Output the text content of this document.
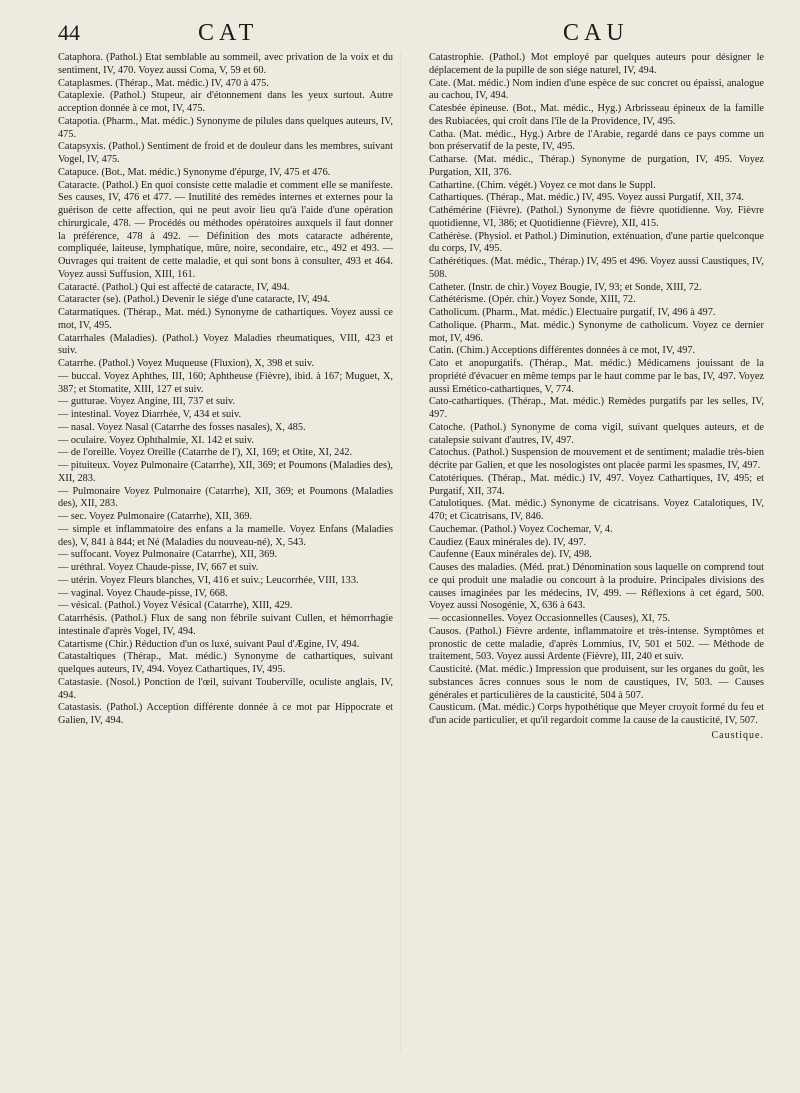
44	CAT	CAU

Cataphora. (Pathol.) Etat semblable au sommeil, avec privation de la voix et du sentiment, IV, 470. Voyez aussi Coma, V, 59 et 60.

Cataplasmes. (Thérap., Mat. médic.) IV, 470 à 475.

Cataplexie. (Pathol.) Stupeur, air d'étonnement dans les yeux surtout. Autre acception donnée à ce mot, IV, 475.

Catapotia. (Pharm., Mat. médic.) Synonyme de pilules dans quelques auteurs, IV, 475.

Catapsyxis. (Pathol.) Sentiment de froid et de douleur dans les membres, suivant Vogel, IV, 475.

Catapuce. (Bot., Mat. médic.) Synonyme d'épurge, IV, 475 et 476.

Cataracte. (Pathol.) En quoi consiste cette maladie et comment elle se manifeste. Ses causes, IV, 476 et 477. — Inutilité des remèdes internes et externes pour la guérison de cette affection, qui ne peut avoir lieu qu'à l'aide d'une opération chirurgicale, 478. — Procédés ou méthodes opératoires auxquels il faut donner la préférence, 478 à 492. — Définition des mots cataracte adhérente, compliquée, laiteuse, lymphatique, mûre, noire, secondaire, etc., 492 et 493. — Ouvrages qui traitent de cette maladie, et qui sont bons à consulter, 493 et 464. Voyez aussi Suffusion, XIII, 161.

Cataracté. (Pathol.) Qui est affecté de cataracte, IV, 494.

Cataracter (se). (Pathol.) Devenir le siége d'une cataracte, IV, 494.

Catarmatiques. (Thérap., Mat. méd.) Synonyme de cathartiques. Voyez aussi ce mot, IV, 495.

Catarrhales (Maladies). (Pathol.) Voyez Maladies rheumatiques, VIII, 423 et suiv.

Catarrhe. (Pathol.) Voyez Muqueuse (Fluxion), X, 398 et suiv.

— buccal. Voyez Aphthes, III, 160; Aphtheuse (Fièvre), ibid. à 167; Muguet, X, 387; et Stomatite, XIII, 127 et suiv.

— gutturae. Voyez Angine, III, 737 et suiv.

— intestinal. Voyez Diarrhée, V, 434 et suiv.

— nasal. Voyez Nasal (Catarrhe des fosses nasales), X, 485.

— oculaire. Voyez Ophthalmie, XI. 142 et suiv.

— de l'oreille. Voyez Oreille (Catarrhe de l'), XI, 169; et Otite, XI, 242.

— pituiteux. Voyez Pulmonaire (Catarrhe), XII, 369; et Poumons (Maladies des), XII, 283.

— Pulmonaire Voyez Pulmonaire (Catarrhe), XII, 369; et Poumons (Maladies des), XII, 283.

— sec. Voyez Pulmonaire (Catarrhe), XII, 369.

— simple et inflammatoire des enfans a la mamelle. Voyez Enfans (Maladies des), V, 841 à 844; et Né (Maladies du nouveau-né), X, 543.

— suffocant. Voyez Pulmonaire (Catarrhe), XII, 369.

— uréthral. Voyez Chaude-pisse, IV, 667 et suiv.

— utérin. Voyez Fleurs blanches, VI, 416 et suiv.; Leucorrhée, VIII, 133.

— vaginal. Voyez Chaude-pisse, IV, 668.

— vésical. (Pathol.) Voyez Vésical (Catarrhe), XIII, 429.

Catarrhésis. (Pathol.) Flux de sang non fébrile suivant Cullen, et hémorrhagie intestinale d'après Vogel, IV, 494.

Catartisme (Chir.) Réduction d'un os luxé, suivant Paul d'Ægine, IV, 494.

Catastaltiques (Thérap., Mat. médic.) Synonyme de cathartiques, suivant quelques auteurs, IV, 494. Voyez Cathartiques, IV, 495.

Catastasie. (Nosol.) Ponction de l'œil, suivant Touberville, oculiste anglais, IV, 494.

Catastasis. (Pathol.) Acception différente donnée à ce mot par Hippocrate et Galien, IV, 494.

Catastrophie. (Pathol.) Mot employé par quelques auteurs pour désigner le déplacement de la pupille de son siége naturel, IV, 494.

Cate. (Mat. médic.) Nom indien d'une espèce de suc concret ou épaissi, analogue au cachou, IV, 494.

Catesbée épineuse. (Bot., Mat. médic., Hyg.) Arbrisseau épineux de la famille des Rubiacées, qui croît dans l'île de la Providence, IV, 495.

Catha. (Mat. médic., Hyg.) Arbre de l'Arabie, regardé dans ce pays comme un bon préservatif de la peste, IV, 495.

Catharse. (Mat. médic., Thérap.) Synonyme de purgation, IV, 495. Voyez Purgation, XII, 376.

Cathartine. (Chim. végét.) Voyez ce mot dans le Suppl.

Cathartiques. (Thérap., Mat. médic.) IV, 495. Voyez aussi Purgatif, XII, 374.

Cathémérine (Fièvre). (Pathol.) Synonyme de fièvre quotidienne. Voy. Fièvre quotidienne, VI, 386; et Quotidienne (Fièvre), XII, 415.

Cathérèse. (Physiol. et Pathol.) Diminution, exténuation, d'une partie quelconque du corps, IV, 495.

Cathérétiques. (Mat. médic., Thérap.) IV, 495 et 496. Voyez aussi Caustiques, IV, 508.

Catheter. (Instr. de chir.) Voyez Bougie, IV, 93; et Sonde, XIII, 72.

Cathétérisme. (Opér. chir.) Voyez Sonde, XIII, 72.

Catholicum. (Pharm., Mat. médic.) Electuaire purgatif, IV, 496 à 497.

Catholique. (Pharm., Mat. médic.) Synonyme de catholicum. Voyez ce dernier mot, IV, 496.

Catin. (Chim.) Acceptions différentes données à ce mot, IV, 497.

Cato et anopurgatifs. (Thérap., Mat. médic.) Médicamens jouissant de la propriété d'évacuer en même temps par le haut comme par le bas, IV, 497. Voyez aussi Emético-cathartiques, V, 774.

Cato-cathartiques. (Thérap., Mat. médic.) Remèdes purgatifs par les selles, IV, 497.

Catoche. (Pathol.) Synonyme de coma vigil, suivant quelques auteurs, et de catalepsie suivant d'autres, IV, 497.

Catochus. (Pathol.) Suspension de mouvement et de sentiment; maladie très-bien décrite par Galien, et que les nosologistes ont placée parmi les spasmes, IV, 497.

Catotériques. (Thérap., Mat. médic.) IV, 497. Voyez Cathartiques, IV, 495; et Purgatif, XII, 374.

Catulotiques. (Mat. médic.) Synonyme de cicatrisans. Voyez Catalotiques, IV, 470; et Cicatrisans, IV, 846.

Cauchemar. (Pathol.) Voyez Cochemar, V, 4.

Caudiez (Eaux minérales de). IV, 497.

Caufenne (Eaux minérales de). IV, 498.

Causes des maladies. (Méd. prat.) Dénomination sous laquelle on comprend tout ce qui produit une maladie ou concourt à la produire. Principales divisions des causes imaginées par les médecins, IV, 499. — Réflexions à cet égard, 500. Voyez aussi Nosogénie, X, 636 à 643.

— occasionnelles. Voyez Occasionnelles (Causes), XI, 75.

Causos. (Pathol.) Fièvre ardente, inflammatoire et très-intense. Symptômes et pronostic de cette maladie, d'après Lommius, IV, 501 et 502. — Méthode de traitement, 503. Voyez aussi Ardente (Fièvre), III, 240 et suiv.

Causticité. (Mat. médic.) Impression que produisent, sur les organes du goût, les substances âcres connues sous le nom de caustiques, IV, 503. — Causes générales et particulières de la causticité, 504 à 507.

Causticum. (Mat. médic.) Corps hypothétique que Meyer croyoit formé du feu et d'un acide particulier, et qu'il regardoit comme la cause de la causticité, IV, 507.

Caustique.
